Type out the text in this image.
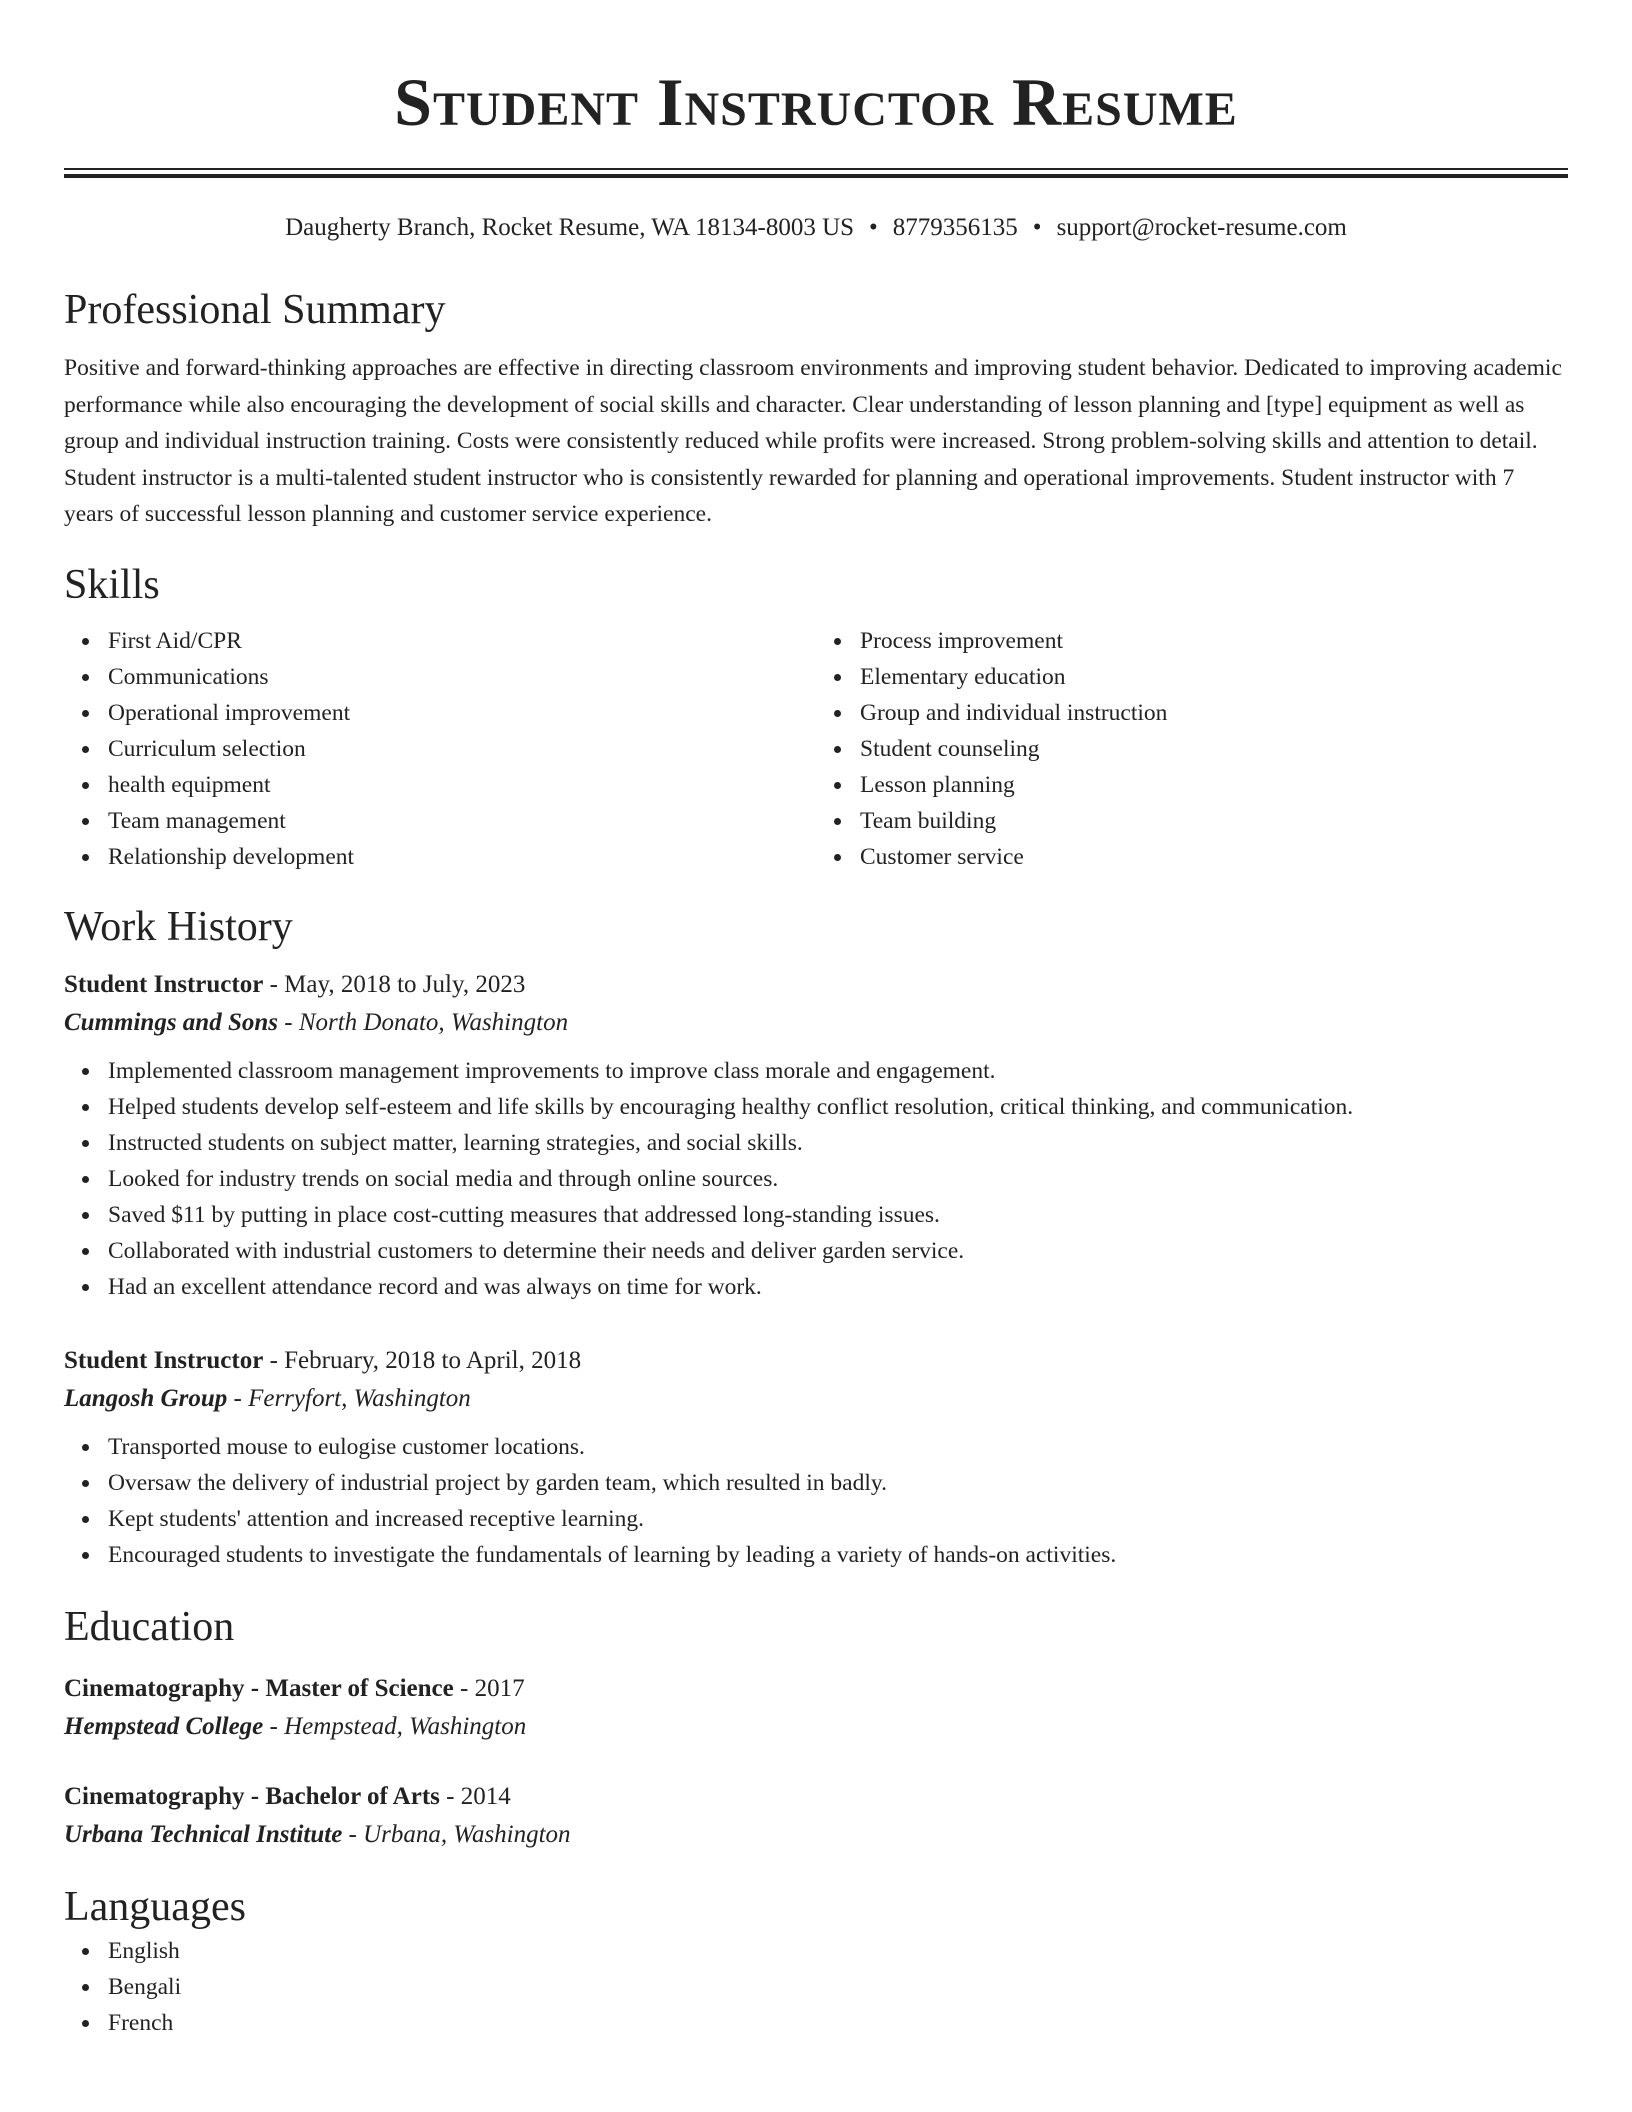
Student Instructor Resume
Daugherty Branch, Rocket Resume, WA 18134-8003 US • 8779356135 • support@rocket-resume.com
Professional Summary

Positive and forward-thinking approaches are effective in directing classroom environments and improving student behavior. Dedicated to improving academic performance while also encouraging the development of social skills and character. Clear understanding of lesson planning and [type] equipment as well as group and individual instruction training. Costs were consistently reduced while profits were increased. Strong problem-solving skills and attention to detail. Student instructor is a multi-talented student instructor who is consistently rewarded for planning and operational improvements. Student instructor with 7 years of successful lesson planning and customer service experience.

Skills
First Aid/CPR
Communications
Operational improvement
Curriculum selection
health equipment
Team management
Relationship development
Process improvement
Elementary education
Group and individual instruction
Student counseling
Lesson planning
Team building
Customer service
Work History
Student Instructor - May, 2018 to July, 2023
Cummings and Sons - North Donato, Washington
Implemented classroom management improvements to improve class morale and engagement.
Helped students develop self-esteem and life skills by encouraging healthy conflict resolution, critical thinking, and communication.
Instructed students on subject matter, learning strategies, and social skills.
Looked for industry trends on social media and through online sources.
Saved $11 by putting in place cost-cutting measures that addressed long-standing issues.
Collaborated with industrial customers to determine their needs and deliver garden service.
Had an excellent attendance record and was always on time for work.
Student Instructor - February, 2018 to April, 2018
Langosh Group - Ferryfort, Washington
Transported mouse to eulogise customer locations.
Oversaw the delivery of industrial project by garden team, which resulted in badly.
Kept students' attention and increased receptive learning.
Encouraged students to investigate the fundamentals of learning by leading a variety of hands-on activities.
Education
Cinematography - Master of Science - 2017
Hempstead College - Hempstead, Washington
Cinematography - Bachelor of Arts - 2014
Urbana Technical Institute - Urbana, Washington
Languages
English
Bengali
French
